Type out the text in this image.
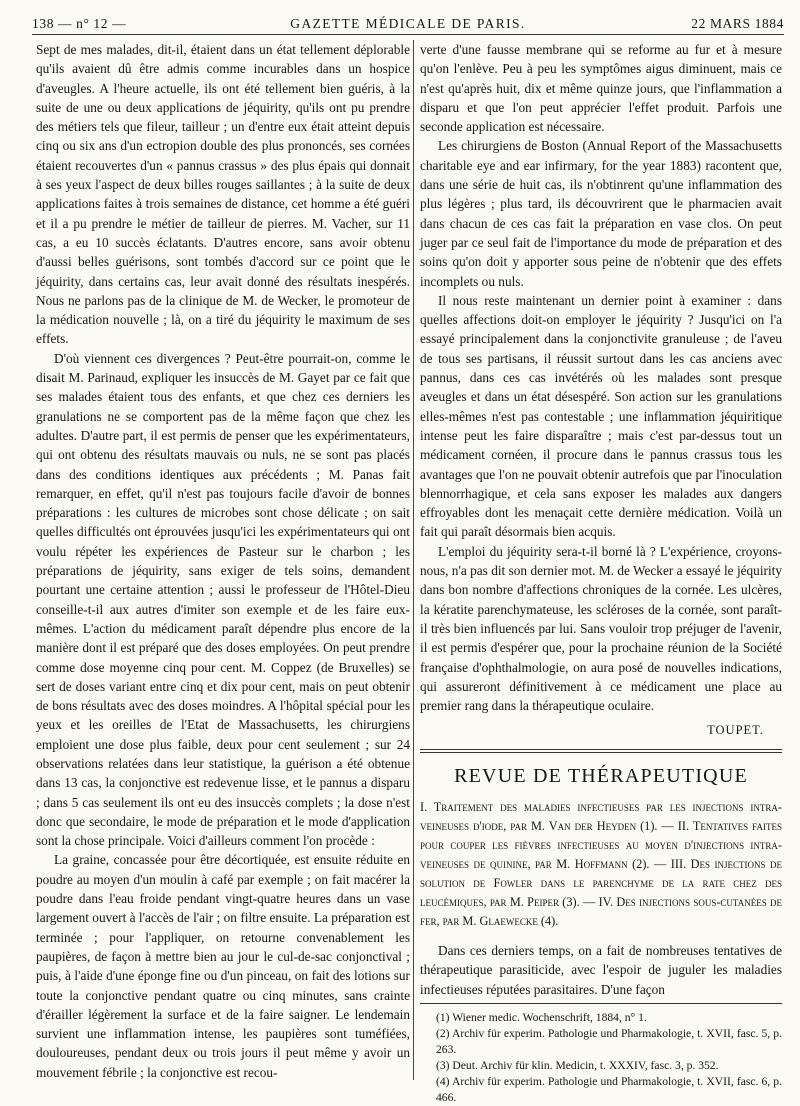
138 — n° 12 —	GAZETTE MÉDICALE DE PARIS.	22 MARS 1884

Sept de mes malades, dit-il, étaient dans un état tellement déplorable qu'ils avaient dû être admis comme incurables dans un hospice d'aveugles. A l'heure actuelle, ils ont été tellement bien guéris, à la suite de une ou deux applications de jéquirity, qu'ils ont pu prendre des métiers tels que fileur, tailleur ; un d'entre eux était atteint depuis cinq ou six ans d'un ectropion double des plus prononcés, ses cornées étaient recouvertes d'un « pannus crassus » des plus épais qui donnait à ses yeux l'aspect de deux billes rouges saillantes ; à la suite de deux applications faites à trois semaines de distance, cet homme a été guéri et il a pu prendre le métier de tailleur de pierres. M. Vacher, sur 11 cas, a eu 10 succès éclatants. D'autres encore, sans avoir obtenu d'aussi belles guérisons, sont tombés d'accord sur ce point que le jéquirity, dans certains cas, leur avait donné des résultats inespérés. Nous ne parlons pas de la clinique de M. de Wecker, le promoteur de la médication nouvelle ; là, on a tiré du jéquirity le maximum de ses effets.

D'où viennent ces divergences ? Peut-être pourrait-on, comme le disait M. Parinaud, expliquer les insuccès de M. Gayet par ce fait que ses malades étaient tous des enfants, et que chez ces derniers les granulations ne se comportent pas de la même façon que chez les adultes. D'autre part, il est permis de penser que les expérimentateurs, qui ont obtenu des résultats mauvais ou nuls, ne se sont pas placés dans des conditions identiques aux précédents ; M. Panas fait remarquer, en effet, qu'il n'est pas toujours facile d'avoir de bonnes préparations : les cultures de microbes sont chose délicate ; on sait quelles difficultés ont éprouvées jusqu'ici les expérimentateurs qui ont voulu répéter les expériences de Pasteur sur le charbon ; les préparations de jéquirity, sans exiger de tels soins, demandent pourtant une certaine attention ; aussi le professeur de l'Hôtel-Dieu conseille-t-il aux autres d'imiter son exemple et de les faire eux-mêmes. L'action du médicament paraît dépendre plus encore de la manière dont il est préparé que des doses employées. On peut prendre comme dose moyenne cinq pour cent. M. Coppez (de Bruxelles) se sert de doses variant entre cinq et dix pour cent, mais on peut obtenir de bons résultats avec des doses moindres. A l'hôpital spécial pour les yeux et les oreilles de l'Etat de Massachusetts, les chirurgiens emploient une dose plus faible, deux pour cent seulement ; sur 24 observations relatées dans leur statistique, la guérison a été obtenue dans 13 cas, la conjonctive est redevenue lisse, et le pannus a disparu ; dans 5 cas seulement ils ont eu des insuccès complets ; la dose n'est donc que secondaire, le mode de préparation et le mode d'application sont la chose principale. Voici d'ailleurs comment l'on procède :

La graine, concassée pour être décortiquée, est ensuite réduite en poudre au moyen d'un moulin à café par exemple ; on fait macérer la poudre dans l'eau froide pendant vingt-quatre heures dans un vase largement ouvert à l'accès de l'air ; on filtre ensuite. La préparation est terminée ; pour l'appliquer, on retourne convenablement les paupières, de façon à mettre bien au jour le cul-de-sac conjonctival ; puis, à l'aide d'une éponge fine ou d'un pinceau, on fait des lotions sur toute la conjonctive pendant quatre ou cinq minutes, sans crainte d'érailler légèrement la surface et de la faire saigner. Le lendemain survient une inflammation intense, les paupières sont tuméfiées, douloureuses, pendant deux ou trois jours il peut même y avoir un mouvement fébrile ; la conjonctive est recou-

verte d'une fausse membrane qui se reforme au fur et à mesure qu'on l'enlève. Peu à peu les symptômes aigus diminuent, mais ce n'est qu'après huit, dix et même quinze jours, que l'inflammation a disparu et que l'on peut apprécier l'effet produit. Parfois une seconde application est nécessaire.

Les chirurgiens de Boston (Annual Report of the Massachusetts charitable eye and ear infirmary, for the year 1883) racontent que, dans une série de huit cas, ils n'obtinrent qu'une inflammation des plus légères ; plus tard, ils découvrirent que le pharmacien avait dans chacun de ces cas fait la préparation en vase clos. On peut juger par ce seul fait de l'importance du mode de préparation et des soins qu'on doit y apporter sous peine de n'obtenir que des effets incomplets ou nuls.

Il nous reste maintenant un dernier point à examiner : dans quelles affections doit-on employer le jéquirity ? Jusqu'ici on l'a essayé principalement dans la conjonctivite granuleuse ; de l'aveu de tous ses partisans, il réussit surtout dans les cas anciens avec pannus, dans ces cas invétérés où les malades sont presque aveugles et dans un état désespéré. Son action sur les granulations elles-mêmes n'est pas contestable ; une inflammation jéquiritique intense peut les faire disparaître ; mais c'est par-dessus tout un médicament cornéen, il procure dans le pannus crassus tous les avantages que l'on ne pouvait obtenir autrefois que par l'inoculation blennorrhagique, et cela sans exposer les malades aux dangers effroyables dont les menaçait cette dernière médication. Voilà un fait qui paraît désormais bien acquis.

L'emploi du jéquirity sera-t-il borné là ? L'expérience, croyons-nous, n'a pas dit son dernier mot. M. de Wecker a essayé le jéquirity dans bon nombre d'affections chroniques de la cornée. Les ulcères, la kératite parenchymateuse, les scléroses de la cornée, sont paraît-il très bien influencés par lui. Sans vouloir trop préjuger de l'avenir, il est permis d'espérer que, pour la prochaine réunion de la Société française d'ophthalmologie, on aura posé de nouvelles indications, qui assureront définitivement à ce médicament une place au premier rang dans la thérapeutique oculaire.

TOUPET.

REVUE DE THÉRAPEUTIQUE

I. Traitement des maladies infectieuses par les injections intra-veineuses d'iode, par M. Van der Heyden (1). — II. Tentatives faites pour couper les fièvres infectieuses au moyen d'injections intra-veineuses de quinine, par M. Hoffmann (2). — III. Des injections de solution de Fowler dans le parenchyme de la rate chez des leucémiques, par M. Peiper (3). — IV. Des injections sous-cutanées de fer, par M. Glaewecke (4).

Dans ces derniers temps, on a fait de nombreuses tentatives de thérapeutique parasiticide, avec l'espoir de juguler les maladies infectieuses réputées parasitaires. D'une façon

(1) Wiener medic. Wochenschrift, 1884, n° 1.
(2) Archiv für experim. Pathologie und Pharmakologie, t. XVII, fasc. 5, p. 263.
(3) Deut. Archiv für klin. Medicin, t. XXXIV, fasc. 3, p. 352.
(4) Archiv für experim. Pathologie und Pharmakologie, t. XVII, fasc. 6, p. 466.
